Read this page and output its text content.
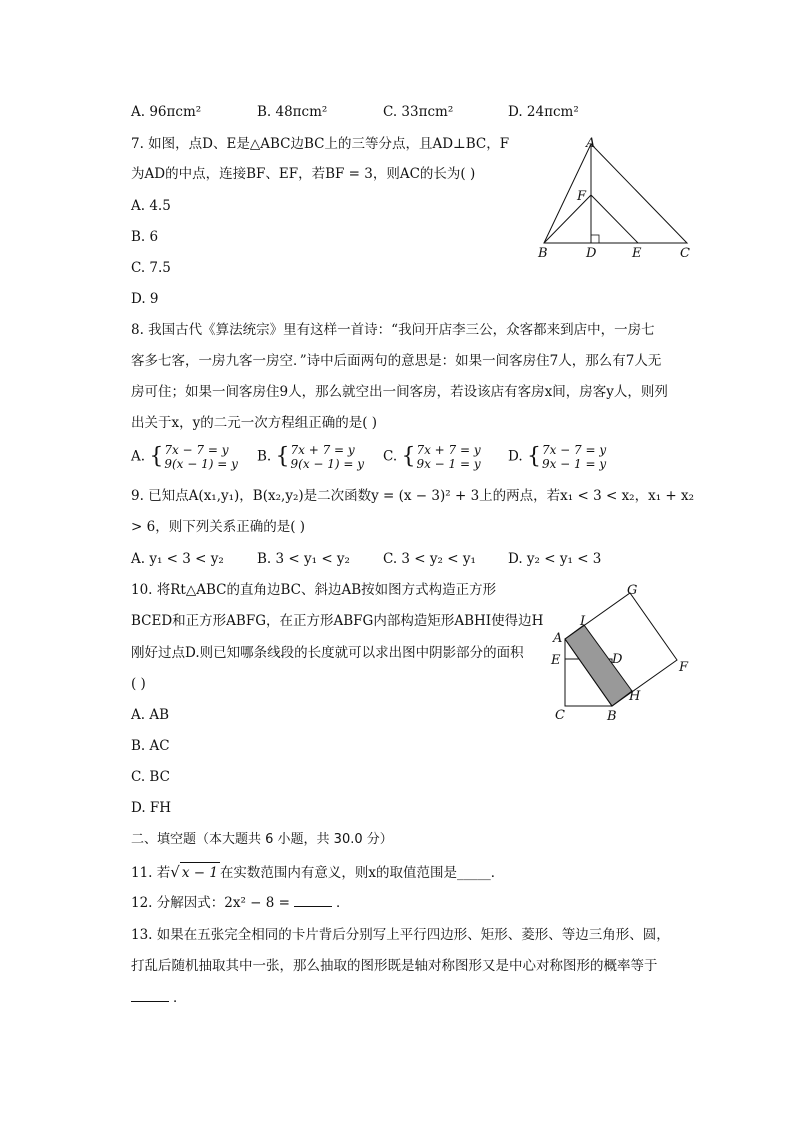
A. 96πcm²	B. 48πcm²	C. 33πcm²	D. 24πcm²
7. 如图，点D、E是△ABC边BC上的三等分点，且AD⊥BC，F
为AD的中点，连接BF、EF，若BF = 3，则AC的长为( )
A. 4.5
B. 6
C. 7.5
D. 9
A
F
B	D	E	C
8. 我国古代《算法统宗》里有这样一首诗：“我问开店李三公，众客都来到店中，一房七
客多七客，一房九客一房空．”诗中后面两句的意思是：如果一间客房住7人，那么有7人无
房可住；如果一间客房住9人，那么就空出一间客房，若设该店有客房x间，房客y人，则列
出关于x，y的二元一次方程组正确的是( )
A. {7x − 7 = y
9(x − 1) = y B. {7x + 7 = y
9(x − 1) = y C. {7x + 7 = y
9x − 1 = y D. {7x − 7 = y
9x − 1 = y
9. 已知点A(x₁,y₁)，B(x₂,y₂)是二次函数y = (x − 3)² + 3上的两点，若x₁ < 3 < x₂，x₁ + x₂
> 6，则下列关系正确的是( )
A. y₁ < 3 < y₂ B. 3 < y₁ < y₂ C. 3 < y₂ < y₁ D. y₂ < y₁ < 3
10. 将Rt△ABC的直角边BC、斜边AB按如图方式构造正方形
BCED和正方形ABFG，在正方形ABFG内部构造矩形ABHI使得边H
刚好过点D.则已知哪条线段的长度就可以求出图中阴影部分的面积
( )
A. AB
B. AC
C. BC
D. FH
G
I
A
E	D
F
H
C	B
二、填空题（本大题共 6 小题，共 30.0 分）
11. 若√ x − 1 在实数范围内有意义，则x的取值范围是_____．
12. 分解因式：2x² − 8 =	．
13. 如果在五张完全相同的卡片背后分别写上平行四边形、矩形、菱形、等边三角形、圆，
打乱后随机抽取其中一张，那么抽取的图形既是轴对称图形又是中心对称图形的概率等于
．
